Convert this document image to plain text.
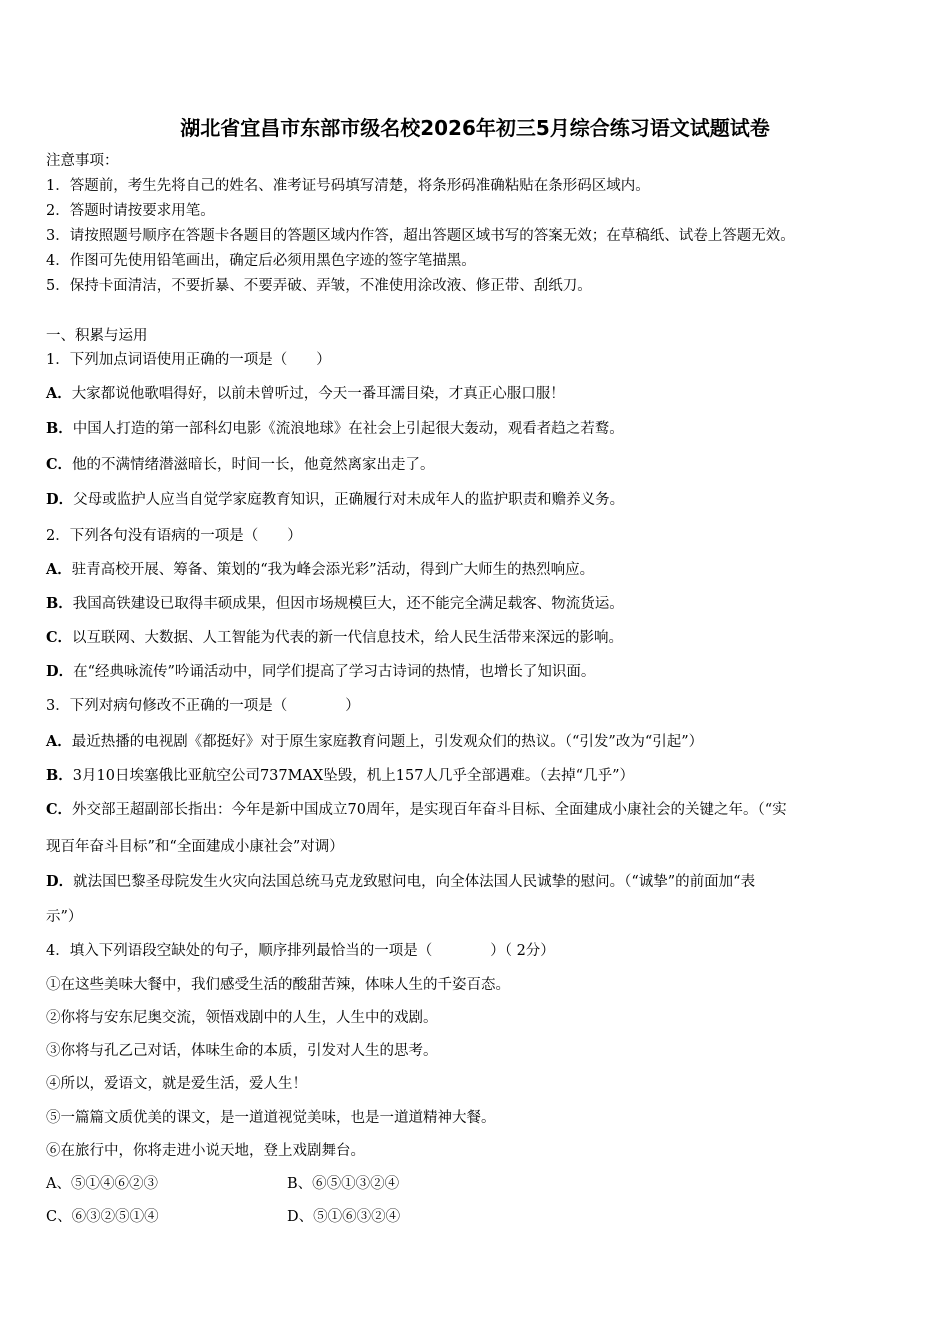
湖北省宜昌市东部市级名校2026年初三5月综合练习语文试题试卷
注意事项：
1．答题前，考生先将自己的姓名、准考证号码填写清楚，将条形码准确粘贴在条形码区域内。
2．答题时请按要求用笔。
3．请按照题号顺序在答题卡各题目的答题区域内作答，超出答题区域书写的答案无效；在草稿纸、试卷上答题无效。
4．作图可先使用铅笔画出，确定后必须用黑色字迹的签字笔描黑。
5．保持卡面清洁，不要折暴、不要弄破、弄皱，不准使用涂改液、修正带、刮纸刀。
一、积累与运用
1．下列加点词语使用正确的一项是（　　）
A．大家都说他歌唱得好，以前未曾听过，今天一番耳濡目染，才真正心服口服！
B．中国人打造的第一部科幻电影《流浪地球》在社会上引起很大轰动，观看者趋之若鹜。
C．他的不满情绪潜滋暗长，时间一长，他竟然离家出走了。
D．父母或监护人应当自觉学家庭教育知识，正确履行对未成年人的监护职责和赡养义务。
2．下列各句没有语病的一项是（　　）
A．驻青高校开展、筹备、策划的“我为峰会添光彩”活动，得到广大师生的热烈响应。
B．我国高铁建设已取得丰硕成果，但因市场规模巨大，还不能完全满足载客、物流货运。
C．以互联网、大数据、人工智能为代表的新一代信息技术，给人民生活带来深远的影响。
D．在“经典咏流传”吟诵活动中，同学们提高了学习古诗词的热情，也增长了知识面。
3．下列对病句修改不正确的一项是（　　　　）
A．最近热播的电视剧《都挺好》对于原生家庭教育问题上，引发观众们的热议。（“引发”改为“引起”）
B．3月10日埃塞俄比亚航空公司737MAX坠毁，机上157人几乎全部遇难。（去掉“几乎”）
C．外交部王超副部长指出：今年是新中国成立70周年，是实现百年奋斗目标、全面建成小康社会的关键之年。（“实
现百年奋斗目标”和“全面建成小康社会”对调）
D．就法国巴黎圣母院发生火灾向法国总统马克龙致慰问电，向全体法国人民诚挚的慰问。（“诚挚”的前面加“表
示”）
4．填入下列语段空缺处的句子，顺序排列最恰当的一项是（　　　　）（ 2分）
①在这些美味大餐中，我们感受生活的酸甜苦辣，体味人生的千姿百态。
②你将与安东尼奥交流，领悟戏剧中的人生，人生中的戏剧。
③你将与孔乙己对话，体味生命的本质，引发对人生的思考。
④所以，爱语文，就是爱生活，爱人生！
⑤一篇篇文质优美的课文，是一道道视觉美味，也是一道道精神大餐。
⑥在旅行中，你将走进小说天地，登上戏剧舞台。
A、⑤①④⑥②③	B、⑥⑤①③②④
C、⑥③②⑤①④	D、⑤①⑥③②④
